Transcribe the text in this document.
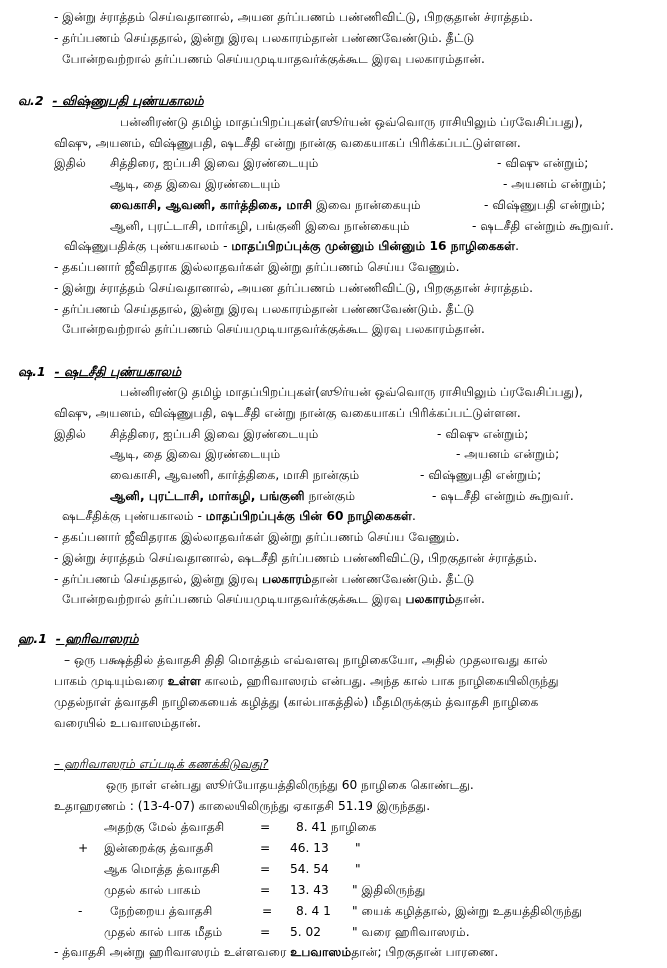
- இன்று ச்ராத்தம் செய்வதானால், அயன தர்ப்பணம் பண்ணிவிட்டு, பிறகுதான் ச்ராத்தம்.
- தர்ப்பணம் செய்ததால், இன்று இரவு பலகாரம்தான் பண்ணவேண்டும். தீட்டு
போன்றவற்றால் தர்ப்பணம் செய்யமுடியாதவர்க்குக்கூட இரவு பலகாரம்தான்.
வ.2 - விஷ்ணுபதி புண்யகாலம்
பன்னிரண்டு தமிழ் மாதப்பிறப்புகள்(ஸூர்யன் ஒவ்வொரு ராசியிலும் ப்ரவேசிப்பது),
விஷு, அயனம், விஷ்ணுபதி, ஷடசீதி என்று நான்கு வகையாகப் பிரிக்கப்பட்டுள்ளன.
இதில் சித்திரை, ஐப்பசி இவை இரண்டையும்	- விஷு என்றும்;
ஆடி, தை இவை இரண்டையும்	- அயனம் என்றும்;
வைகாசி, ஆவணி, கார்த்திகை, மாசி இவை நான்கையும்	- விஷ்ணுபதி என்றும்;
ஆனி, புரட்டாசி, மார்கழி, பங்குனி இவை நான்கையும்	- ஷடசீதி என்றும் கூறுவர்.
விஷ்ணுபதிக்கு புண்யகாலம் - மாதப்பிறப்புக்கு முன்னும் பின்னும் 16 நாழிகைகள்.
- தகப்பனார் ஜீவிதராக இல்லாதவர்கள் இன்று தர்ப்பணம் செய்ய வேணும்.
- இன்று ச்ராத்தம் செய்வதானால், அயன தர்ப்பணம் பண்ணிவிட்டு, பிறகுதான் ச்ராத்தம்.
- தர்ப்பணம் செய்ததால், இன்று இரவு பலகாரம்தான் பண்ணவேண்டும். தீட்டு
போன்றவற்றால் தர்ப்பணம் செய்யமுடியாதவர்க்குக்கூட இரவு பலகாரம்தான்.
ஷ.1 - ஷடசீதி புண்யகாலம்
பன்னிரண்டு தமிழ் மாதப்பிறப்புகள்(ஸூர்யன் ஒவ்வொரு ராசியிலும் ப்ரவேசிப்பது),
விஷு, அயனம், விஷ்ணுபதி, ஷடசீதி என்று நான்கு வகையாகப் பிரிக்கப்பட்டுள்ளன.
இதில் சித்திரை, ஐப்பசி இவை இரண்டையும்	- விஷு என்றும்;
ஆடி, தை இவை இரண்டையும்	- அயனம் என்றும்;
வைகாசி, ஆவணி, கார்த்திகை, மாசி நான்கும்	- விஷ்ணுபதி என்றும்;
ஆனி, புரட்டாசி, மார்கழி, பங்குனி நான்கும்	- ஷடசீதி என்றும் கூறுவர்.
ஷடசீதிக்கு புண்யகாலம் - மாதப்பிறப்புக்கு பின் 60 நாழிகைகள்.
- தகப்பனார் ஜீவிதராக இல்லாதவர்கள் இன்று தர்ப்பணம் செய்ய வேணும்.
- இன்று ச்ராத்தம் செய்வதானால், ஷடசீதி தர்ப்பணம் பண்ணிவிட்டு, பிறகுதான் ச்ராத்தம்.
- தர்ப்பணம் செய்ததால், இன்று இரவு பலகாரம்தான் பண்ணவேண்டும். தீட்டு
போன்றவற்றால் தர்ப்பணம் செய்யமுடியாதவர்க்குக்கூட இரவு பலகாரம்தான்.
ஹ.1 - ஹரிவாஸரம்
– ஒரு பக்ஷத்தில் த்வாதசி திதி மொத்தம் எவ்வளவு நாழிகையோ, அதில் முதலாவது கால்
பாகம் முடியும்வரை உள்ள காலம், ஹரிவாஸரம் என்பது. அந்த கால் பாக நாழிகையிலிருந்து
முதல்நாள் த்வாதசி நாழிகையைக் கழித்து (கால்பாகத்தில்) மீதமிருக்கும் த்வாதசி நாழிகை
வரையில் உபவாஸம்தான்.
– ஹரிவாஸரம் எப்படிக் கணக்கிடுவது?
ஒரு நாள் என்பது ஸூர்யோதயத்திலிருந்து 60 நாழிகை கொண்டது.
உதாஹரணம் : (13-4-07) காலையிலிருந்து ஏகாதசி 51.19 இருந்தது.
அதற்கு மேல் த்வாதசி	= 8. 41 நாழிகை
+ இன்றைக்கு த்வாதசி	= 46. 13 "
ஆக மொத்த த்வாதசி	= 54. 54 "
முதல் கால் பாகம்	= 13. 43 " இதிலிருந்து
- நேற்றைய த்வாதசி	= 8. 4 1 " யைக் கழித்தால், இன்று உதயத்திலிருந்து
முதல் கால் பாக மீதம்	= 5. 02	" வரை ஹரிவாஸரம்.
- த்வாதசி அன்று ஹரிவாஸரம் உள்ளவரை உபவாஸம்தான்; பிறகுதான் பாரணை.
